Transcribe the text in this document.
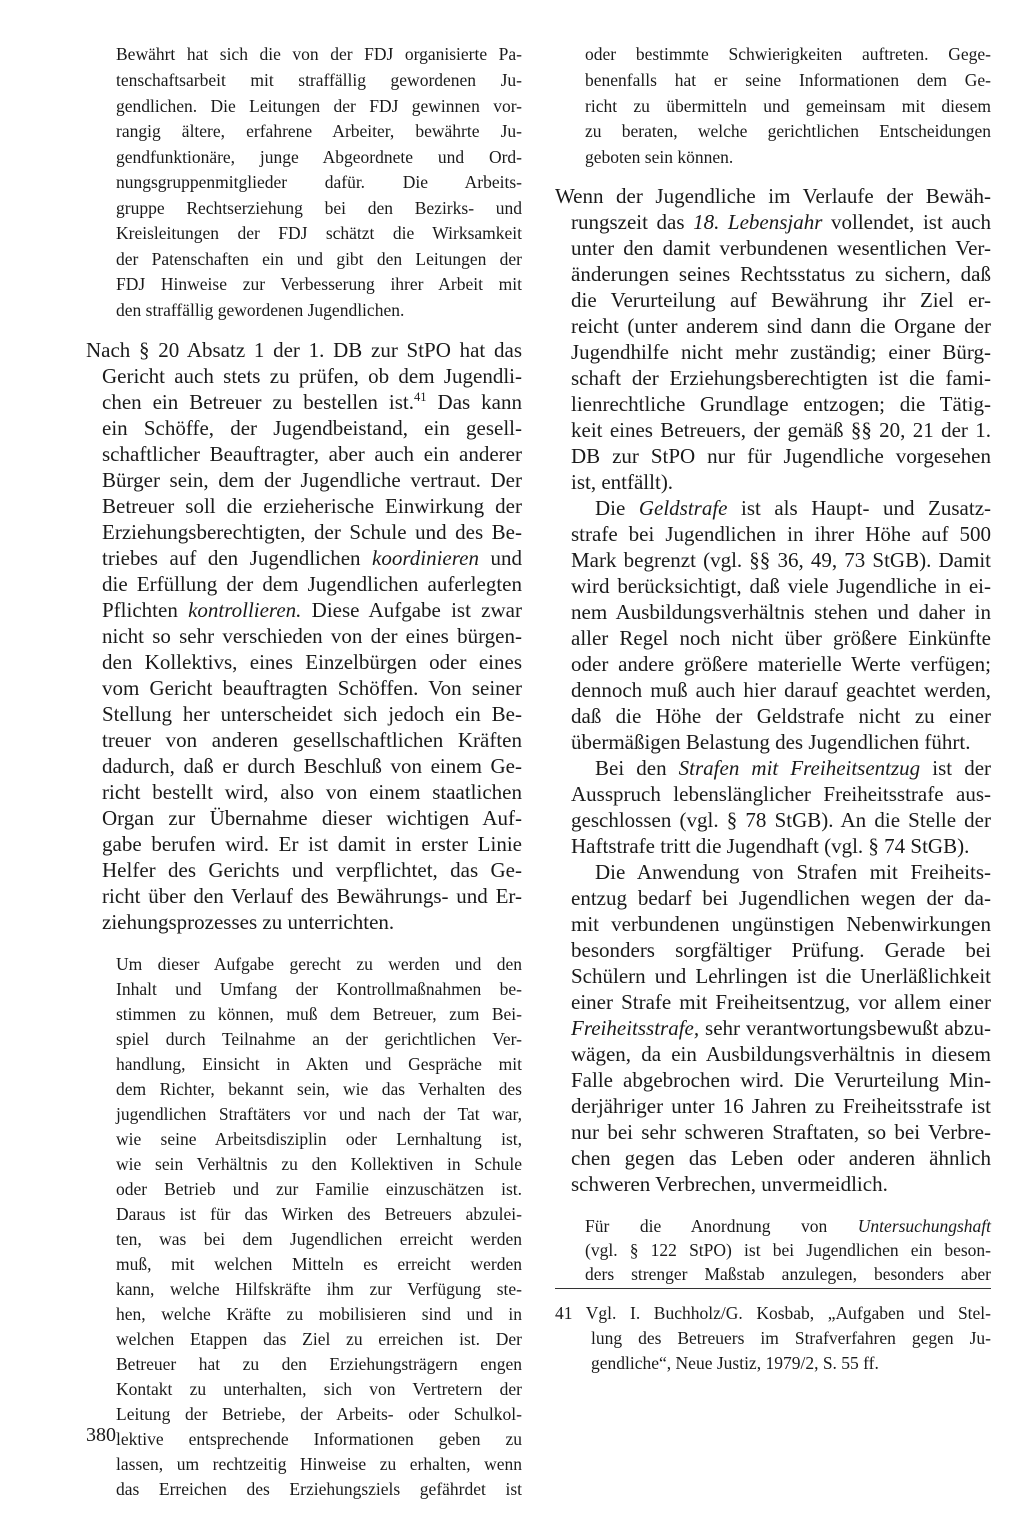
Bewährt hat sich die von der FDJ organisierte Pa-
tenschaftsarbeit mit straffällig gewordenen Ju-
gendlichen. Die Leitungen der FDJ gewinnen vor-
rangig ältere, erfahrene Arbeiter, bewährte Ju-
gendfunktionäre, junge Abgeordnete und Ord-
nungsgruppenmitglieder dafür. Die Arbeits-
gruppe Rechtserziehung bei den Bezirks- und
Kreisleitungen der FDJ schätzt die Wirksamkeit
der Patenschaften ein und gibt den Leitungen der
FDJ Hinweise zur Verbesserung ihrer Arbeit mit
den straffällig gewordenen Jugendlichen.
Nach § 20 Absatz 1 der 1. DB zur StPO hat das
Gericht auch stets zu prüfen, ob dem Jugendli-
chen ein Betreuer zu bestellen ist.$^{41}$ Das kann
ein Schöffe, der Jugendbeistand, ein gesell-
schaftlicher Beauftragter, aber auch ein anderer
Bürger sein, dem der Jugendliche vertraut. Der
Betreuer soll die erzieherische Einwirkung der
Erziehungsberechtigten, der Schule und des Be-
triebes auf den Jugendlichen koordinieren und
die Erfüllung der dem Jugendlichen auferlegten
Pflichten kontrollieren. Diese Aufgabe ist zwar
nicht so sehr verschieden von der eines bürgen-
den Kollektivs, eines Einzelbürgen oder eines
vom Gericht beauftragten Schöffen. Von seiner
Stellung her unterscheidet sich jedoch ein Be-
treuer von anderen gesellschaftlichen Kräften
dadurch, daß er durch Beschluß von einem Ge-
richt bestellt wird, also von einem staatlichen
Organ zur Übernahme dieser wichtigen Auf-
gabe berufen wird. Er ist damit in erster Linie
Helfer des Gerichts und verpflichtet, das Ge-
richt über den Verlauf des Bewährungs- und Er-
ziehungsprozesses zu unterrichten.
Um dieser Aufgabe gerecht zu werden und den
Inhalt und Umfang der Kontrollmaßnahmen be-
stimmen zu können, muß dem Betreuer, zum Bei-
spiel durch Teilnahme an der gerichtlichen Ver-
handlung, Einsicht in Akten und Gespräche mit
dem Richter, bekannt sein, wie das Verhalten des
jugendlichen Straftäters vor und nach der Tat war,
wie seine Arbeitsdisziplin oder Lernhaltung ist,
wie sein Verhältnis zu den Kollektiven in Schule
oder Betrieb und zur Familie einzuschätzen ist.
Daraus ist für das Wirken des Betreuers abzulei-
ten, was bei dem Jugendlichen erreicht werden
muß, mit welchen Mitteln es erreicht werden
kann, welche Hilfskräfte ihm zur Verfügung ste-
hen, welche Kräfte zu mobilisieren sind und in
welchen Etappen das Ziel zu erreichen ist. Der
Betreuer hat zu den Erziehungsträgern engen
Kontakt zu unterhalten, sich von Vertretern der
Leitung der Betriebe, der Arbeits- oder Schulkol-
lektive entsprechende Informationen geben zu
lassen, um rechtzeitig Hinweise zu erhalten, wenn
das Erreichen des Erziehungsziels gefährdet ist
380
oder bestimmte Schwierigkeiten auftreten. Gege-
benenfalls hat er seine Informationen dem Ge-
richt zu übermitteln und gemeinsam mit diesem
zu beraten, welche gerichtlichen Entscheidungen
geboten sein können.
Wenn der Jugendliche im Verlaufe der Bewäh-
rungszeit das 18. Lebensjahr vollendet, ist auch
unter den damit verbundenen wesentlichen Ver-
änderungen seines Rechtsstatus zu sichern, daß
die Verurteilung auf Bewährung ihr Ziel er-
reicht (unter anderem sind dann die Organe der
Jugendhilfe nicht mehr zuständig; einer Bürg-
schaft der Erziehungsberechtigten ist die fami-
lienrechtliche Grundlage entzogen; die Tätig-
keit eines Betreuers, der gemäß §§ 20, 21 der 1.
DB zur StPO nur für Jugendliche vorgesehen
ist, entfällt).
Die Geldstrafe ist als Haupt- und Zusatz-
strafe bei Jugendlichen in ihrer Höhe auf 500
Mark begrenzt (vgl. §§ 36, 49, 73 StGB). Damit
wird berücksichtigt, daß viele Jugendliche in ei-
nem Ausbildungsverhältnis stehen und daher in
aller Regel noch nicht über größere Einkünfte
oder andere größere materielle Werte verfügen;
dennoch muß auch hier darauf geachtet werden,
daß die Höhe der Geldstrafe nicht zu einer
übermäßigen Belastung des Jugendlichen führt.
Bei den Strafen mit Freiheitsentzug ist der
Ausspruch lebenslänglicher Freiheitsstrafe aus-
geschlossen (vgl. § 78 StGB). An die Stelle der
Haftstrafe tritt die Jugendhaft (vgl. § 74 StGB).
Die Anwendung von Strafen mit Freiheits-
entzug bedarf bei Jugendlichen wegen der da-
mit verbundenen ungünstigen Nebenwirkungen
besonders sorgfältiger Prüfung. Gerade bei
Schülern und Lehrlingen ist die Unerläßlichkeit
einer Strafe mit Freiheitsentzug, vor allem einer
Freiheitsstrafe, sehr verantwortungsbewußt abzu-
wägen, da ein Ausbildungsverhältnis in diesem
Falle abgebrochen wird. Die Verurteilung Min-
derjähriger unter 16 Jahren zu Freiheitsstrafe ist
nur bei sehr schweren Straftaten, so bei Verbre-
chen gegen das Leben oder anderen ähnlich
schweren Verbrechen, unvermeidlich.
Für die Anordnung von Untersuchungshaft
(vgl. § 122 StPO) ist bei Jugendlichen ein beson-
ders strenger Maßstab anzulegen, besonders aber
41 Vgl. I. Buchholz/G. Kosbab, „Aufgaben und Stel-
lung des Betreuers im Strafverfahren gegen Ju-
gendliche“, Neue Justiz, 1979/2, S. 55 ff.
